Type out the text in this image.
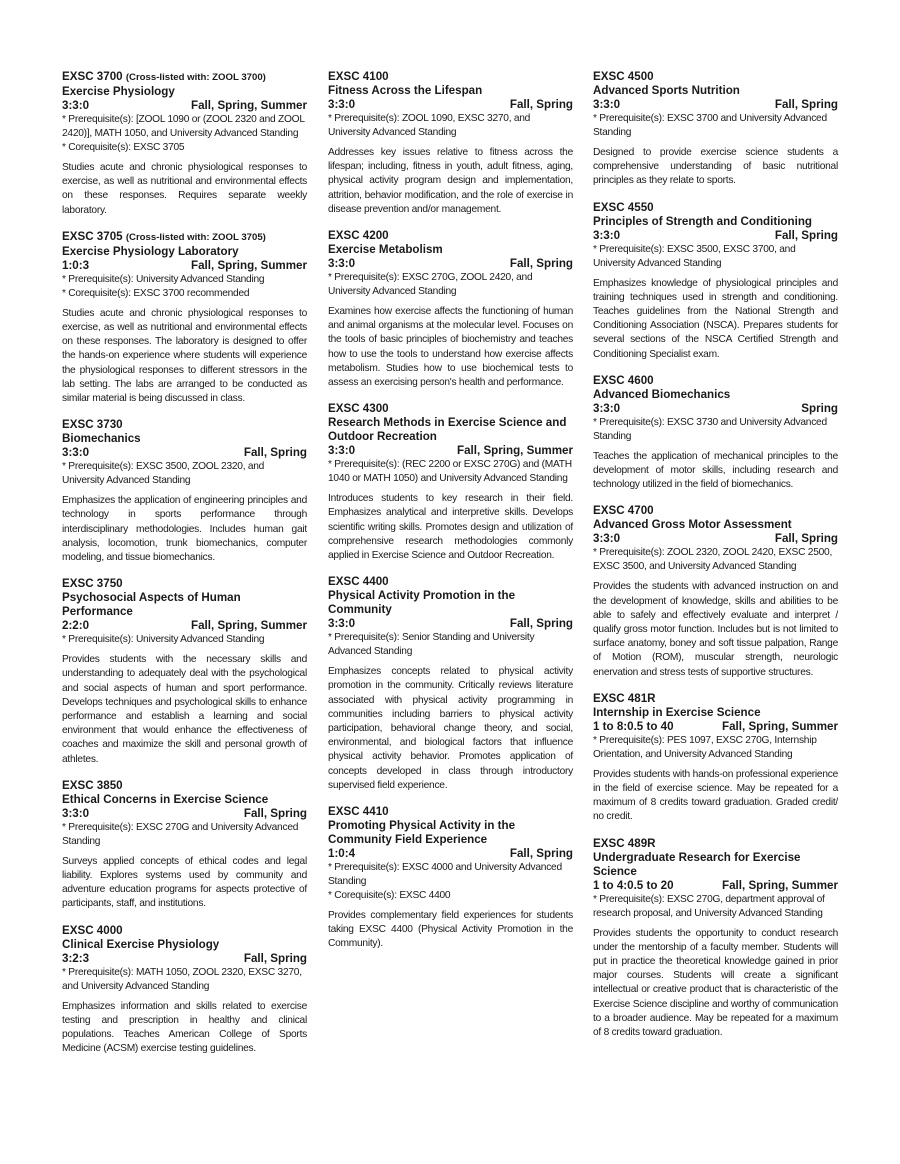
EXSC 3700 (Cross-listed with: ZOOL 3700)
Exercise Physiology
3:3:0	Fall, Spring, Summer
* Prerequisite(s): [ZOOL 1090 or (ZOOL 2320 and ZOOL 2420)], MATH 1050, and University Advanced Standing
* Corequisite(s): EXSC 3705
Studies acute and chronic physiological responses to exercise, as well as nutritional and environmental effects on these responses. Requires separate weekly laboratory.
EXSC 3705 (Cross-listed with: ZOOL 3705)
Exercise Physiology Laboratory
1:0:3	Fall, Spring, Summer
* Prerequisite(s): University Advanced Standing
* Corequisite(s): EXSC 3700 recommended
Studies acute and chronic physiological responses to exercise, as well as nutritional and environmental effects on these responses. The laboratory is designed to offer the hands-on experience where students will experience the physiological responses to different stressors in the lab setting. The labs are arranged to be conducted as similar material is being discussed in class.
EXSC 3730
Biomechanics
3:3:0	Fall, Spring
* Prerequisite(s): EXSC 3500, ZOOL 2320, and University Advanced Standing
Emphasizes the application of engineering principles and technology in sports performance through interdisciplinary methodologies. Includes human gait analysis, locomotion, trunk biomechanics, computer modeling, and tissue biomechanics.
EXSC 3750
Psychosocial Aspects of Human Performance
2:2:0	Fall, Spring, Summer
* Prerequisite(s): University Advanced Standing
Provides students with the necessary skills and understanding to adequately deal with the psychological and social aspects of human and sport performance. Develops techniques and psychological skills to enhance performance and establish a learning and social environment that would enhance the effectiveness of coaches and maximize the skill and personal growth of athletes.
EXSC 3850
Ethical Concerns in Exercise Science
3:3:0	Fall, Spring
* Prerequisite(s): EXSC 270G and University Advanced Standing
Surveys applied concepts of ethical codes and legal liability. Explores systems used by community and adventure education programs for aspects protective of participants, staff, and institutions.
EXSC 4000
Clinical Exercise Physiology
3:2:3	Fall, Spring
* Prerequisite(s): MATH 1050, ZOOL 2320, EXSC 3270, and University Advanced Standing
Emphasizes information and skills related to exercise testing and prescription in healthy and clinical populations. Teaches American College of Sports Medicine (ACSM) exercise testing guidelines.
EXSC 4100
Fitness Across the Lifespan
3:3:0	Fall, Spring
* Prerequisite(s): ZOOL 1090, EXSC 3270, and University Advanced Standing
Addresses key issues relative to fitness across the lifespan; including, fitness in youth, adult fitness, aging, physical activity program design and implementation, attrition, behavior modification, and the role of exercise in disease prevention and/or management.
EXSC 4200
Exercise Metabolism
3:3:0	Fall, Spring
* Prerequisite(s): EXSC 270G, ZOOL 2420, and University Advanced Standing
Examines how exercise affects the functioning of human and animal organisms at the molecular level. Focuses on the tools of basic principles of biochemistry and teaches how to use the tools to understand how exercise affects metabolism. Studies how to use biochemical tests to assess an exercising person's health and performance.
EXSC 4300
Research Methods in Exercise Science and Outdoor Recreation
3:3:0	Fall, Spring, Summer
* Prerequisite(s): (REC 2200 or EXSC 270G) and (MATH 1040 or MATH 1050) and University Advanced Standing
Introduces students to key research in their field. Emphasizes analytical and interpretive skills. Develops scientific writing skills. Promotes design and utilization of comprehensive research methodologies commonly applied in Exercise Science and Outdoor Recreation.
EXSC 4400
Physical Activity Promotion in the Community
3:3:0	Fall, Spring
* Prerequisite(s): Senior Standing and University Advanced Standing
Emphasizes concepts related to physical activity promotion in the community. Critically reviews literature associated with physical activity programming in communities including barriers to physical activity participation, behavioral change theory, and social, environmental, and biological factors that influence physical activity behavior. Promotes application of concepts developed in class through introductory supervised field experience.
EXSC 4410
Promoting Physical Activity in the Community Field Experience
1:0:4	Fall, Spring
* Prerequisite(s): EXSC 4000 and University Advanced Standing
* Corequisite(s): EXSC 4400
Provides complementary field experiences for students taking EXSC 4400 (Physical Activity Promotion in the Community).
EXSC 4500
Advanced Sports Nutrition
3:3:0	Fall, Spring
* Prerequisite(s): EXSC 3700 and University Advanced Standing
Designed to provide exercise science students a comprehensive understanding of basic nutritional principles as they relate to sports.
EXSC 4550
Principles of Strength and Conditioning
3:3:0	Fall, Spring
* Prerequisite(s): EXSC 3500, EXSC 3700, and University Advanced Standing
Emphasizes knowledge of physiological principles and training techniques used in strength and conditioning. Teaches guidelines from the National Strength and Conditioning Association (NSCA). Prepares students for several sections of the NSCA Certified Strength and Conditioning Specialist exam.
EXSC 4600
Advanced Biomechanics
3:3:0	Spring
* Prerequisite(s): EXSC 3730 and University Advanced Standing
Teaches the application of mechanical principles to the development of motor skills, including research and technology utilized in the field of biomechanics.
EXSC 4700
Advanced Gross Motor Assessment
3:3:0	Fall, Spring
* Prerequisite(s): ZOOL 2320, ZOOL 2420, EXSC 2500, EXSC 3500, and University Advanced Standing
Provides the students with advanced instruction on and the development of knowledge, skills and abilities to be able to safely and effectively evaluate and interpret / qualify gross motor function. Includes but is not limited to surface anatomy, boney and soft tissue palpation, Range of Motion (ROM), muscular strength, neurologic enervation and stress tests of supportive structures.
EXSC 481R
Internship in Exercise Science
1 to 8:0.5 to 40	Fall, Spring, Summer
* Prerequisite(s): PES 1097, EXSC 270G, Internship Orientation, and University Advanced Standing
Provides students with hands-on professional experience in the field of exercise science. May be repeated for a maximum of 8 credits toward graduation. Graded credit/ no credit.
EXSC 489R
Undergraduate Research for Exercise Science
1 to 4:0.5 to 20	Fall, Spring, Summer
* Prerequisite(s): EXSC 270G, department approval of research proposal, and University Advanced Standing
Provides students the opportunity to conduct research under the mentorship of a faculty member. Students will put in practice the theoretical knowledge gained in prior major courses. Students will create a significant intellectual or creative product that is characteristic of the Exercise Science discipline and worthy of communication to a broader audience. May be repeated for a maximum of 8 credits toward graduation.
